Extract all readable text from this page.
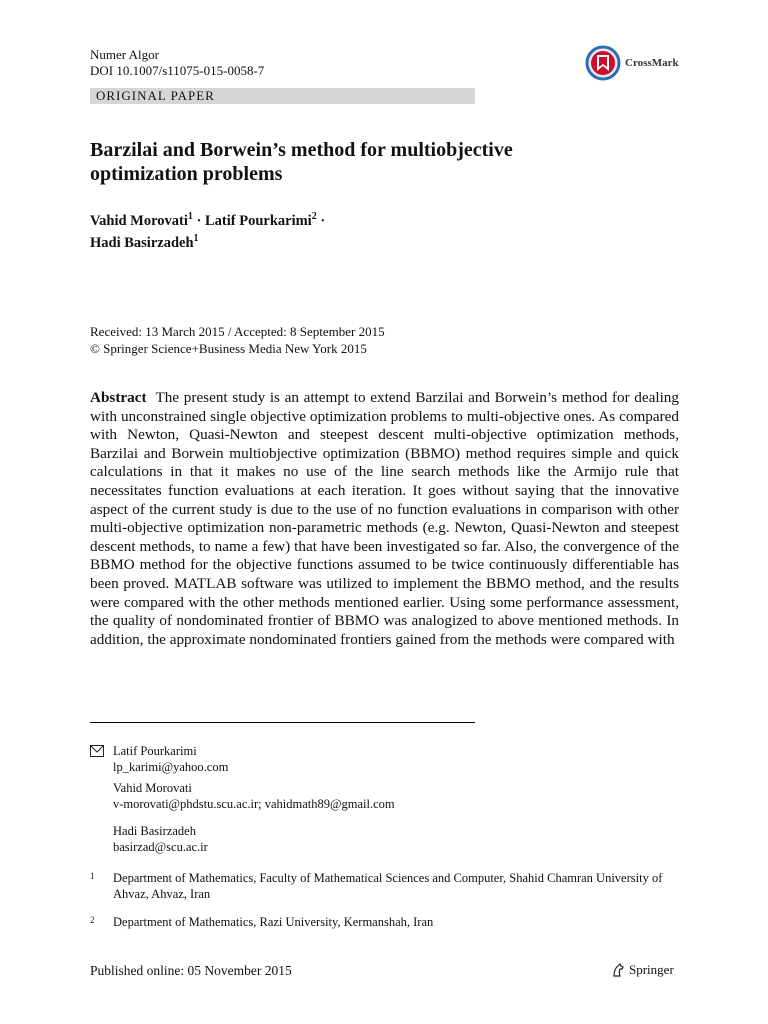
Numer Algor
DOI 10.1007/s11075-015-0058-7	CrossMark
ORIGINAL PAPER
Barzilai and Borwein’s method for multiobjective
optimization problems
Vahid Morovati$^1$ · Latif Pourkarimi$^2$ ·
Hadi Basirzadeh$^1$
Received: 13 March 2015 / Accepted: 8 September 2015
© Springer Science+Business Media New York 2015
Abstract The present study is an attempt to extend Barzilai and Borwein’s method for dealing with unconstrained single objective optimization problems to multi-objective ones. As compared with Newton, Quasi-Newton and steepest descent multi-objective optimization methods, Barzilai and Borwein multiobjective optimization (BBMO) method requires simple and quick calculations in that it makes no use of the line search methods like the Armijo rule that necessitates function evaluations at each iteration. It goes without saying that the innovative aspect of the current study is due to the use of no function evaluations in comparison with other multi-objective optimization non-parametric methods (e.g. Newton, Quasi-Newton and steepest descent methods, to name a few) that have been investigated so far. Also, the convergence of the BBMO method for the objective functions assumed to be twice continuously differentiable has been proved. MATLAB software was utilized to implement the BBMO method, and the results were compared with the other methods mentioned earlier. Using some performance assessment, the quality of nondominated frontier of BBMO was analogized to above mentioned methods. In addition, the approximate nondominated frontiers gained from the methods were compared with
Latif Pourkarimi
lp_karimi@yahoo.com
Vahid Morovati
v-morovati@phdstu.scu.ac.ir; vahidmath89@gmail.com
Hadi Basirzadeh
basirzad@scu.ac.ir
1 Department of Mathematics, Faculty of Mathematical Sciences and Computer, Shahid Chamran University of Ahvaz, Ahvaz, Iran
2 Department of Mathematics, Razi University, Kermanshah, Iran
Published online: 05 November 2015	Springer
